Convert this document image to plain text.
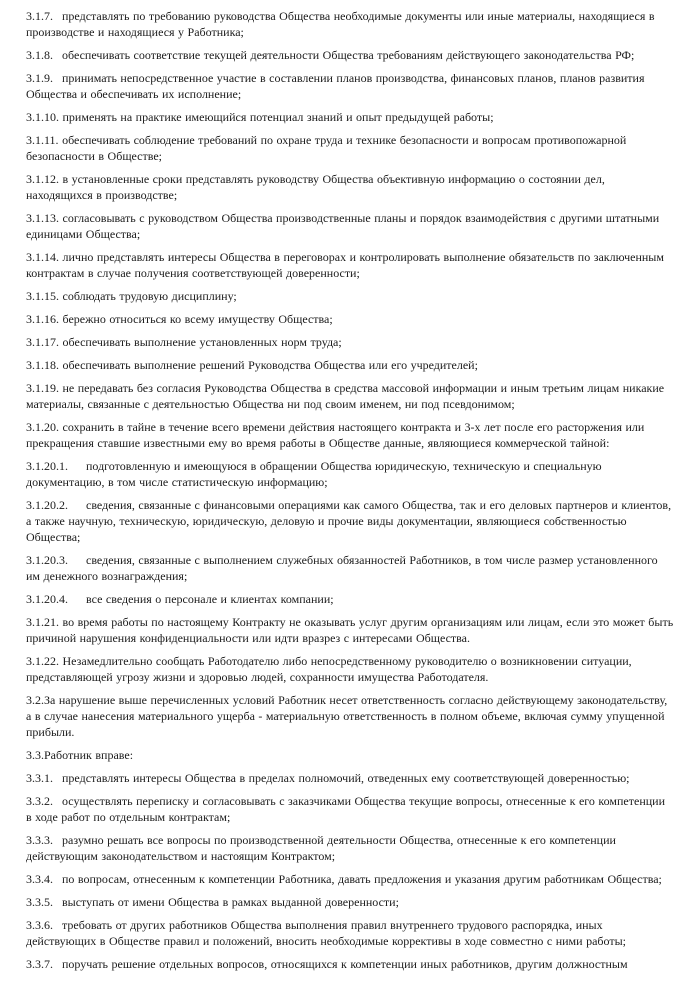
3.1.7. представлять по требованию руководства Общества необходимые документы или иные материалы, находящиеся в производстве и находящиеся у Работника;

3.1.8. обеспечивать соответствие текущей деятельности Общества требованиям действующего законодательства РФ;

3.1.9. принимать непосредственное участие в составлении планов производства, финансовых планов, планов развития Общества и обеспечивать их исполнение;

3.1.10. применять на практике имеющийся потенциал знаний и опыт предыдущей работы;

3.1.11. обеспечивать соблюдение требований по охране труда и технике безопасности и вопросам противопожарной безопасности в Обществе;

3.1.12. в установленные сроки представлять руководству Общества объективную информацию о состоянии дел, находящихся в производстве;

3.1.13. согласовывать с руководством Общества производственные планы и порядок взаимодействия с другими штатными единицами Общества;

3.1.14. лично представлять интересы Общества в переговорах и контролировать выполнение обязательств по заключенным контрактам в случае получения соответствующей доверенности;

3.1.15. соблюдать трудовую дисциплину;

3.1.16. бережно относиться ко всему имуществу Общества;

3.1.17. обеспечивать выполнение установленных норм труда;

3.1.18. обеспечивать выполнение решений Руководства Общества или его учредителей;

3.1.19. не передавать без согласия Руководства Общества в средства массовой информации и иным третьим лицам никакие материалы, связанные с деятельностью Общества ни под своим именем, ни под псевдонимом;

3.1.20. сохранить в тайне в течение всего времени действия настоящего контракта и 3-х лет после его расторжения или прекращения ставшие известными ему во время работы в Обществе данные, являющиеся коммерческой тайной:

3.1.20.1. подготовленную и имеющуюся в обращении Общества юридическую, техническую и специальную документацию, в том числе статистическую информацию;

3.1.20.2. сведения, связанные с финансовыми операциями как самого Общества, так и его деловых партнеров и клиентов, а также научную, техническую, юридическую, деловую и прочие виды документации, являющиеся собственностью Общества;

3.1.20.3. сведения, связанные с выполнением служебных обязанностей Работников, в том числе размер установленного им денежного вознаграждения;

3.1.20.4. все сведения о персонале и клиентах компании;

3.1.21. во время работы по настоящему Контракту не оказывать услуг другим организациям или лицам, если это может быть причиной нарушения конфиденциальности или идти вразрез с интересами Общества.

3.1.22. Незамедлительно сообщать Работодателю либо непосредственному руководителю о возникновении ситуации, представляющей угрозу жизни и здоровью людей, сохранности имущества Работодателя.

3.2.За нарушение выше перечисленных условий Работник несет ответственность согласно действующему законодательству, а в случае нанесения материального ущерба - материальную ответственность в полном объеме, включая сумму упущенной прибыли.

3.3.Работник вправе:

3.3.1. представлять интересы Общества в пределах полномочий, отведенных ему соответствующей доверенностью;

3.3.2. осуществлять переписку и согласовывать с заказчиками Общества текущие вопросы, отнесенные к его компетенции в ходе работ по отдельным контрактам;

3.3.3. разумно решать все вопросы по производственной деятельности Общества, отнесенные к его компетенции действующим законодательством и настоящим Контрактом;

3.3.4. по вопросам, отнесенным к компетенции Работника, давать предложения и указания другим работникам Общества;

3.3.5. выступать от имени Общества в рамках выданной доверенности;

3.3.6. требовать от других работников Общества выполнения правил внутреннего трудового распорядка, иных действующих в Обществе правил и положений, вносить необходимые коррективы в ходе совместно с ними работы;

3.3.7. поручать решение отдельных вопросов, относящихся к компетенции иных работников, другим должностным
